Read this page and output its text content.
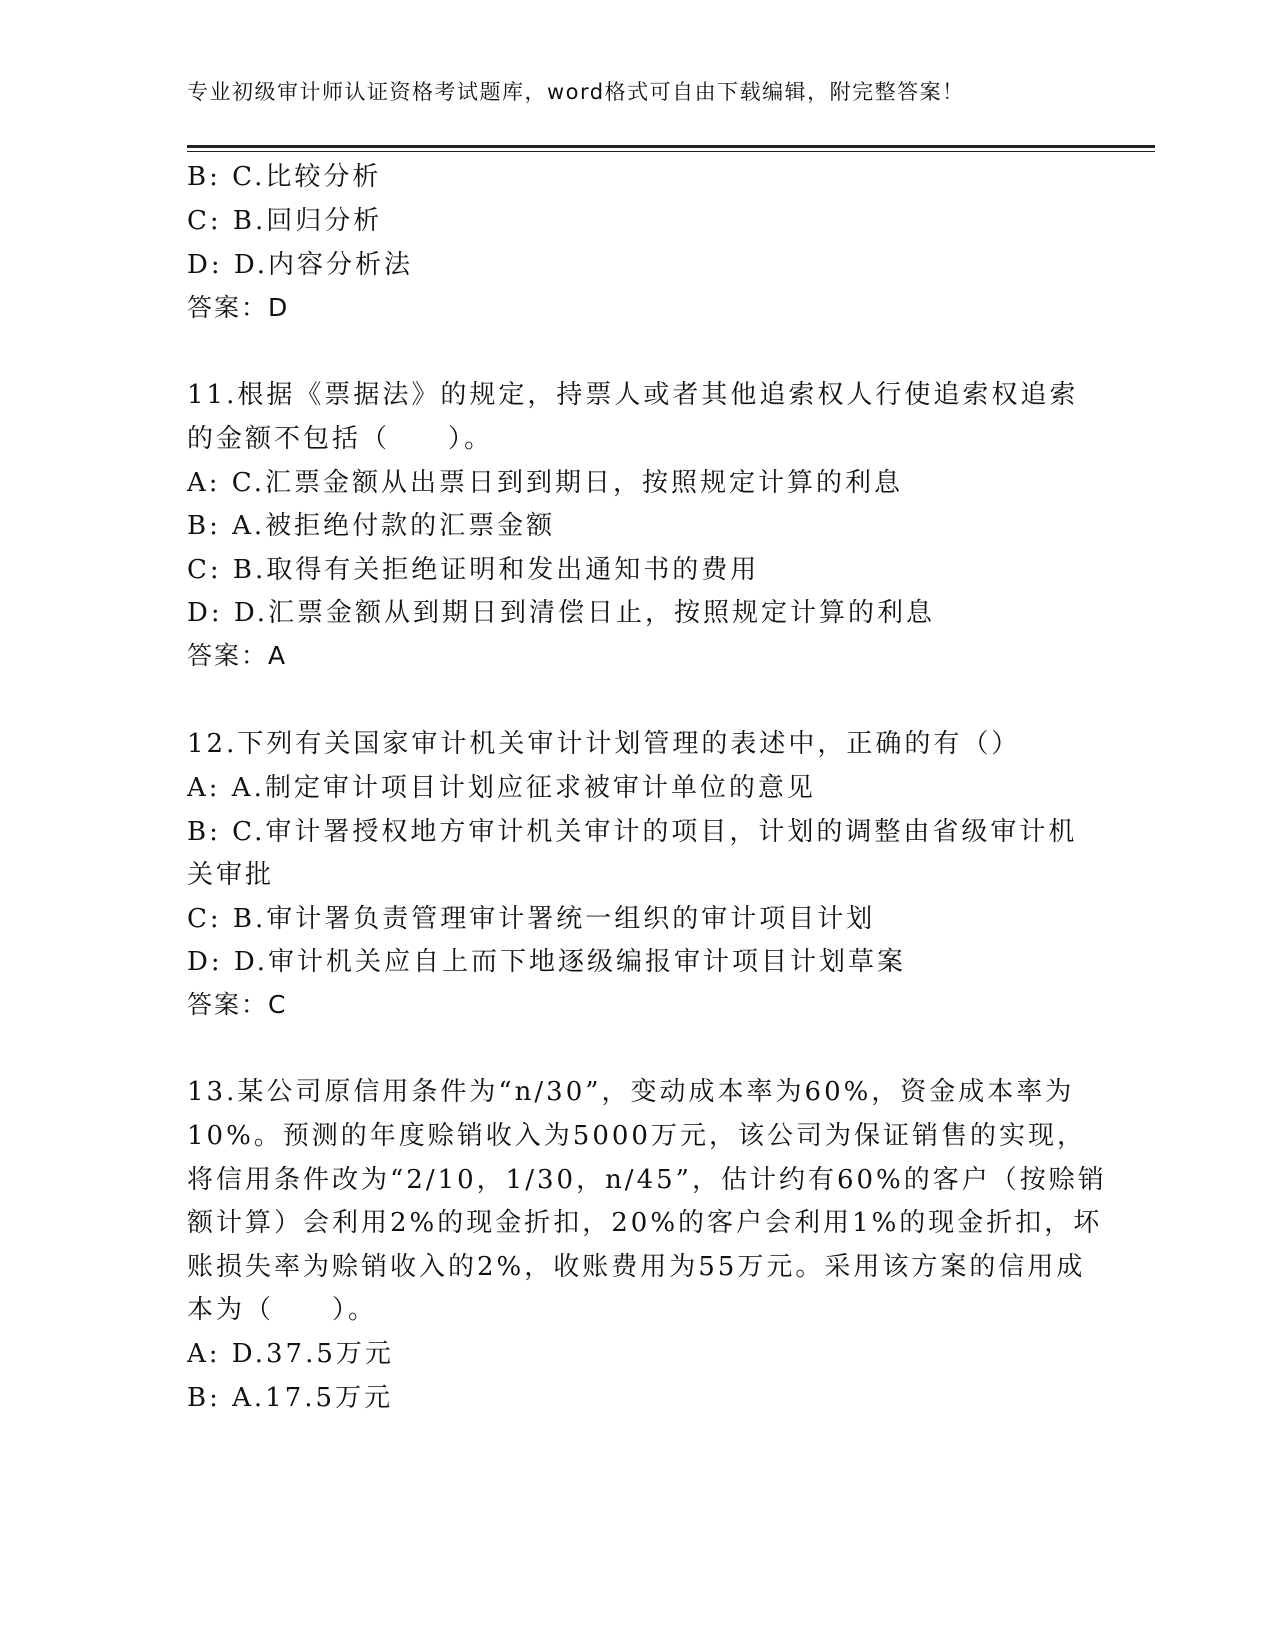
专业初级审计师认证资格考试题库，word格式可自由下载编辑，附完整答案！
B: C.比较分析
C: B.回归分析
D: D.内容分析法
答案：D
11.根据《票据法》的规定，持票人或者其他追索权人行使追索权追索
的金额不包括（　　）。
A: C.汇票金额从出票日到到期日，按照规定计算的利息
B: A.被拒绝付款的汇票金额
C: B.取得有关拒绝证明和发出通知书的费用
D: D.汇票金额从到期日到清偿日止，按照规定计算的利息
答案：A
12.下列有关国家审计机关审计计划管理的表述中，正确的有（）
A: A.制定审计项目计划应征求被审计单位的意见
B: C.审计署授权地方审计机关审计的项目，计划的调整由省级审计机
关审批
C: B.审计署负责管理审计署统一组织的审计项目计划
D: D.审计机关应自上而下地逐级编报审计项目计划草案
答案：C
13.某公司原信用条件为“n/30”，变动成本率为60%，资金成本率为
10%。预测的年度赊销收入为5000万元，该公司为保证销售的实现，
将信用条件改为“2/10，1/30，n/45”，估计约有60%的客户（按赊销
额计算）会利用2%的现金折扣，20%的客户会利用1%的现金折扣，坏
账损失率为赊销收入的2%，收账费用为55万元。采用该方案的信用成
本为（　　）。
A: D.37.5万元
B: A.17.5万元
